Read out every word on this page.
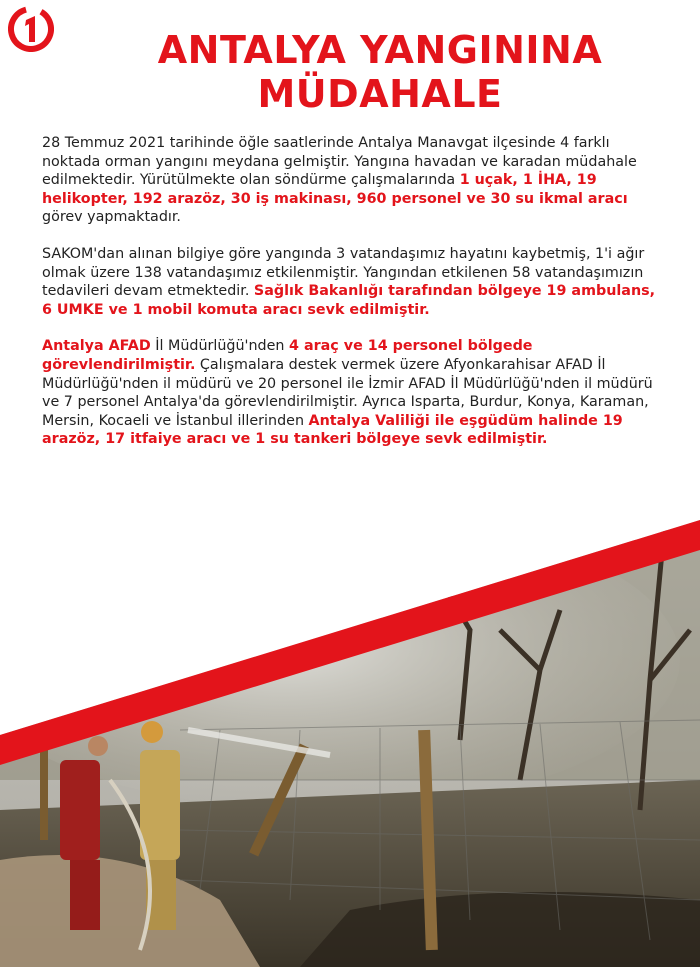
ANTALYA YANGININA
MÜDAHALE

28 Temmuz 2021 tarihinde öğle saatlerinde Antalya Manavgat ilçesinde 4 farklı noktada orman yangını meydana gelmiştir. Yangına havadan ve karadan müdahale edilmektedir. Yürütülmekte olan söndürme çalışmalarında 1 uçak, 1 İHA, 19 helikopter, 192 arazöz, 30 iş makinası, 960 personel ve 30 su ikmal aracı görev yapmaktadır.

SAKOM'dan alınan bilgiye göre yangında 3 vatandaşımız hayatını kaybetmiş, 1'i ağır olmak üzere 138 vatandaşımız etkilenmiştir. Yangından etkilenen 58 vatandaşımızın tedavileri devam etmektedir. Sağlık Bakanlığı tarafından bölgeye 19 ambulans, 6 UMKE ve 1 mobil komuta aracı sevk edilmiştir.

Antalya AFAD İl Müdürlüğü'nden 4 araç ve 14 personel bölgede görevlendirilmiştir. Çalışmalara destek vermek üzere Afyonkarahisar AFAD İl Müdürlüğü'nden il müdürü ve 20 personel ile İzmir AFAD İl Müdürlüğü'nden il müdürü ve 7 personel Antalya'da görevlendirilmiştir. Ayrıca Isparta, Burdur, Konya, Karaman, Mersin, Kocaeli ve İstanbul illerinden Antalya Valiliği ile eşgüdüm halinde 19 arazöz, 17 itfaiye aracı ve 1 su tankeri bölgeye sevk edilmiştir.
